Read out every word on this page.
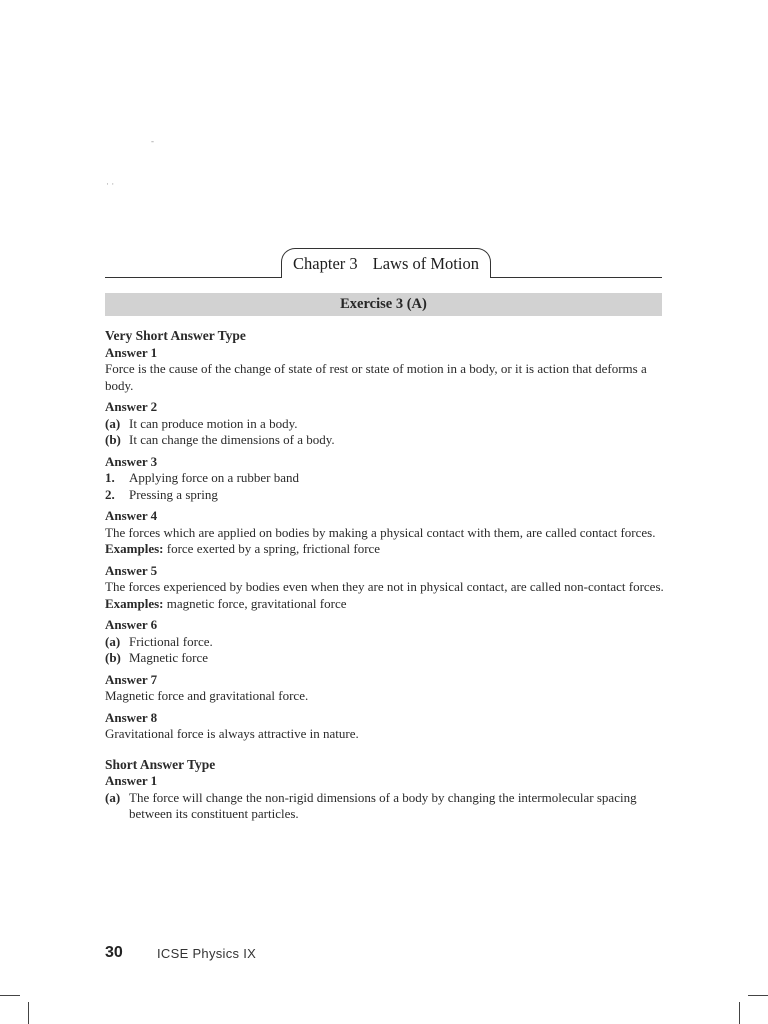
-
· ·
Chapter 3 Laws of Motion
Exercise 3 (A)
Very Short Answer Type
Answer 1
Force is the cause of the change of state of rest or state of motion in a body, or it is action that deforms a body.
Answer 2
(a) It can produce motion in a body.
(b) It can change the dimensions of a body.
Answer 3
1.	Applying force on a rubber band
2.	Pressing a spring
Answer 4
The forces which are applied on bodies by making a physical contact with them, are called contact forces.
Examples: force exerted by a spring, frictional force
Answer 5
The forces experienced by bodies even when they are not in physical contact, are called non-contact forces.
Examples: magnetic force, gravitational force
Answer 6
(a) Frictional force.
(b) Magnetic force
Answer 7
Magnetic force and gravitational force.
Answer 8
Gravitational force is always attractive in nature.
Short Answer Type
Answer 1
(a) The force will change the non-rigid dimensions of a body by changing the intermolecular spacing between its constituent particles.
30	ICSE Physics IX
